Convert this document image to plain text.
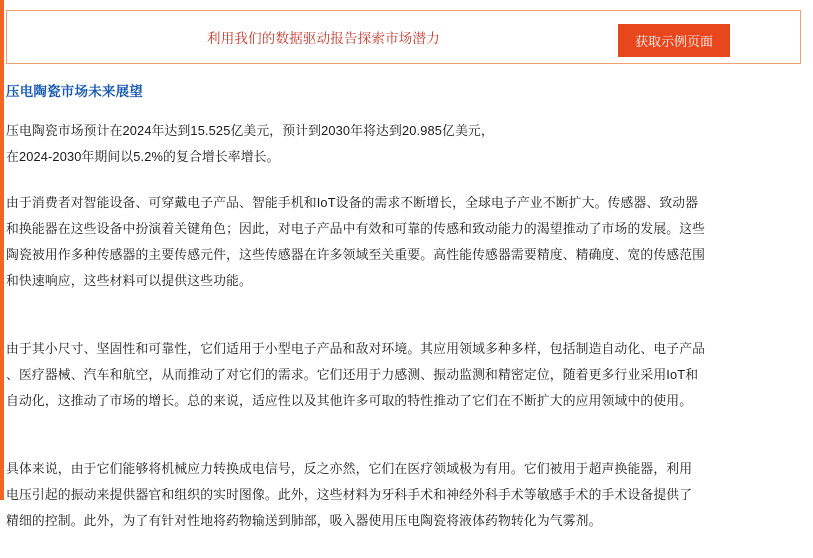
利用我们的数据驱动报告探索市场潜力	获取示例页面
压电陶瓷市场未来展望

压电陶瓷市场预计在2024年达到15.525亿美元，预计到2030年将达到20.985亿美元，
在2024-2030年期间以5.2%的复合增长率增长。

由于消费者对智能设备、可穿戴电子产品、智能手机和IoT设备的需求不断增长，全球电子产业不断扩大。传感器、致动器
和换能器在这些设备中扮演着关键角色；因此，对电子产品中有效和可靠的传感和致动能力的渴望推动了市场的发展。这些
陶瓷被用作多种传感器的主要传感元件，这些传感器在许多领域至关重要。高性能传感器需要精度、精确度、宽的传感范围
和快速响应，这些材料可以提供这些功能。

由于其小尺寸、坚固性和可靠性，它们适用于小型电子产品和敌对环境。其应用领域多种多样，包括制造自动化、电子产品
、医疗器械、汽车和航空，从而推动了对它们的需求。它们还用于力感测、振动监测和精密定位，随着更多行业采用IoT和
自动化，这推动了市场的增长。总的来说，适应性以及其他许多可取的特性推动了它们在不断扩大的应用领域中的使用。

具体来说，由于它们能够将机械应力转换成电信号，反之亦然，它们在医疗领域极为有用。它们被用于超声换能器，利用
电压引起的振动来提供器官和组织的实时图像。此外，这些材料为牙科手术和神经外科手术等敏感手术的手术设备提供了
精细的控制。此外，为了有针对性地将药物输送到肺部，吸入器使用压电陶瓷将液体药物转化为气雾剂。
